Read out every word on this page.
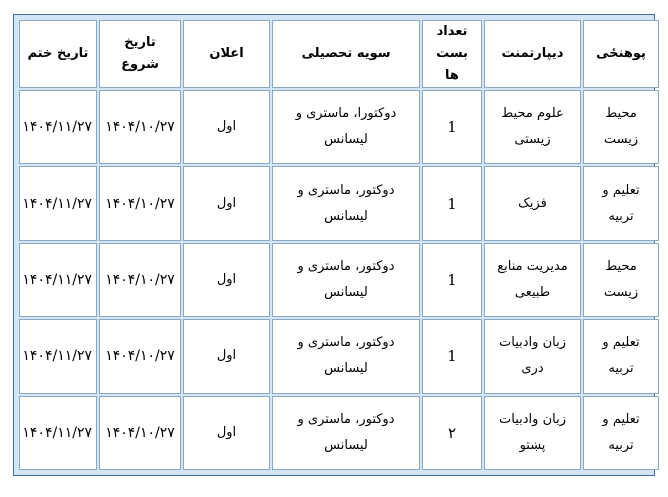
پوهنځی	دیپارتمنت	تعداد بست ها	سویه تحصیلی	اعلان	تاریخ شروع	تاریخ ختم
محیط زیست	علوم محیط زیستی	1	دوکتورا، ماستری و لیسانس	اول	۱۴۰۴/۱۰/۲۷	۱۴۰۴/۱۱/۲۷
تعلیم و تربیه	فزیک	1	دوکتور، ماستری و لیسانس	اول	۱۴۰۴/۱۰/۲۷	۱۴۰۴/۱۱/۲۷
محیط زیست	مدیریت منابع طبیعی	1	دوکتور، ماستری و لیسانس	اول	۱۴۰۴/۱۰/۲۷	۱۴۰۴/۱۱/۲۷
تعلیم و تربیه	زبان وادبیات دری	1	دوکتور، ماستری و لیسانس	اول	۱۴۰۴/۱۰/۲۷	۱۴۰۴/۱۱/۲۷
تعلیم و تربیه	زبان وادبیات پښتو	۲	دوکتور، ماستری و لیسانس	اول	۱۴۰۴/۱۰/۲۷	۱۴۰۴/۱۱/۲۷
